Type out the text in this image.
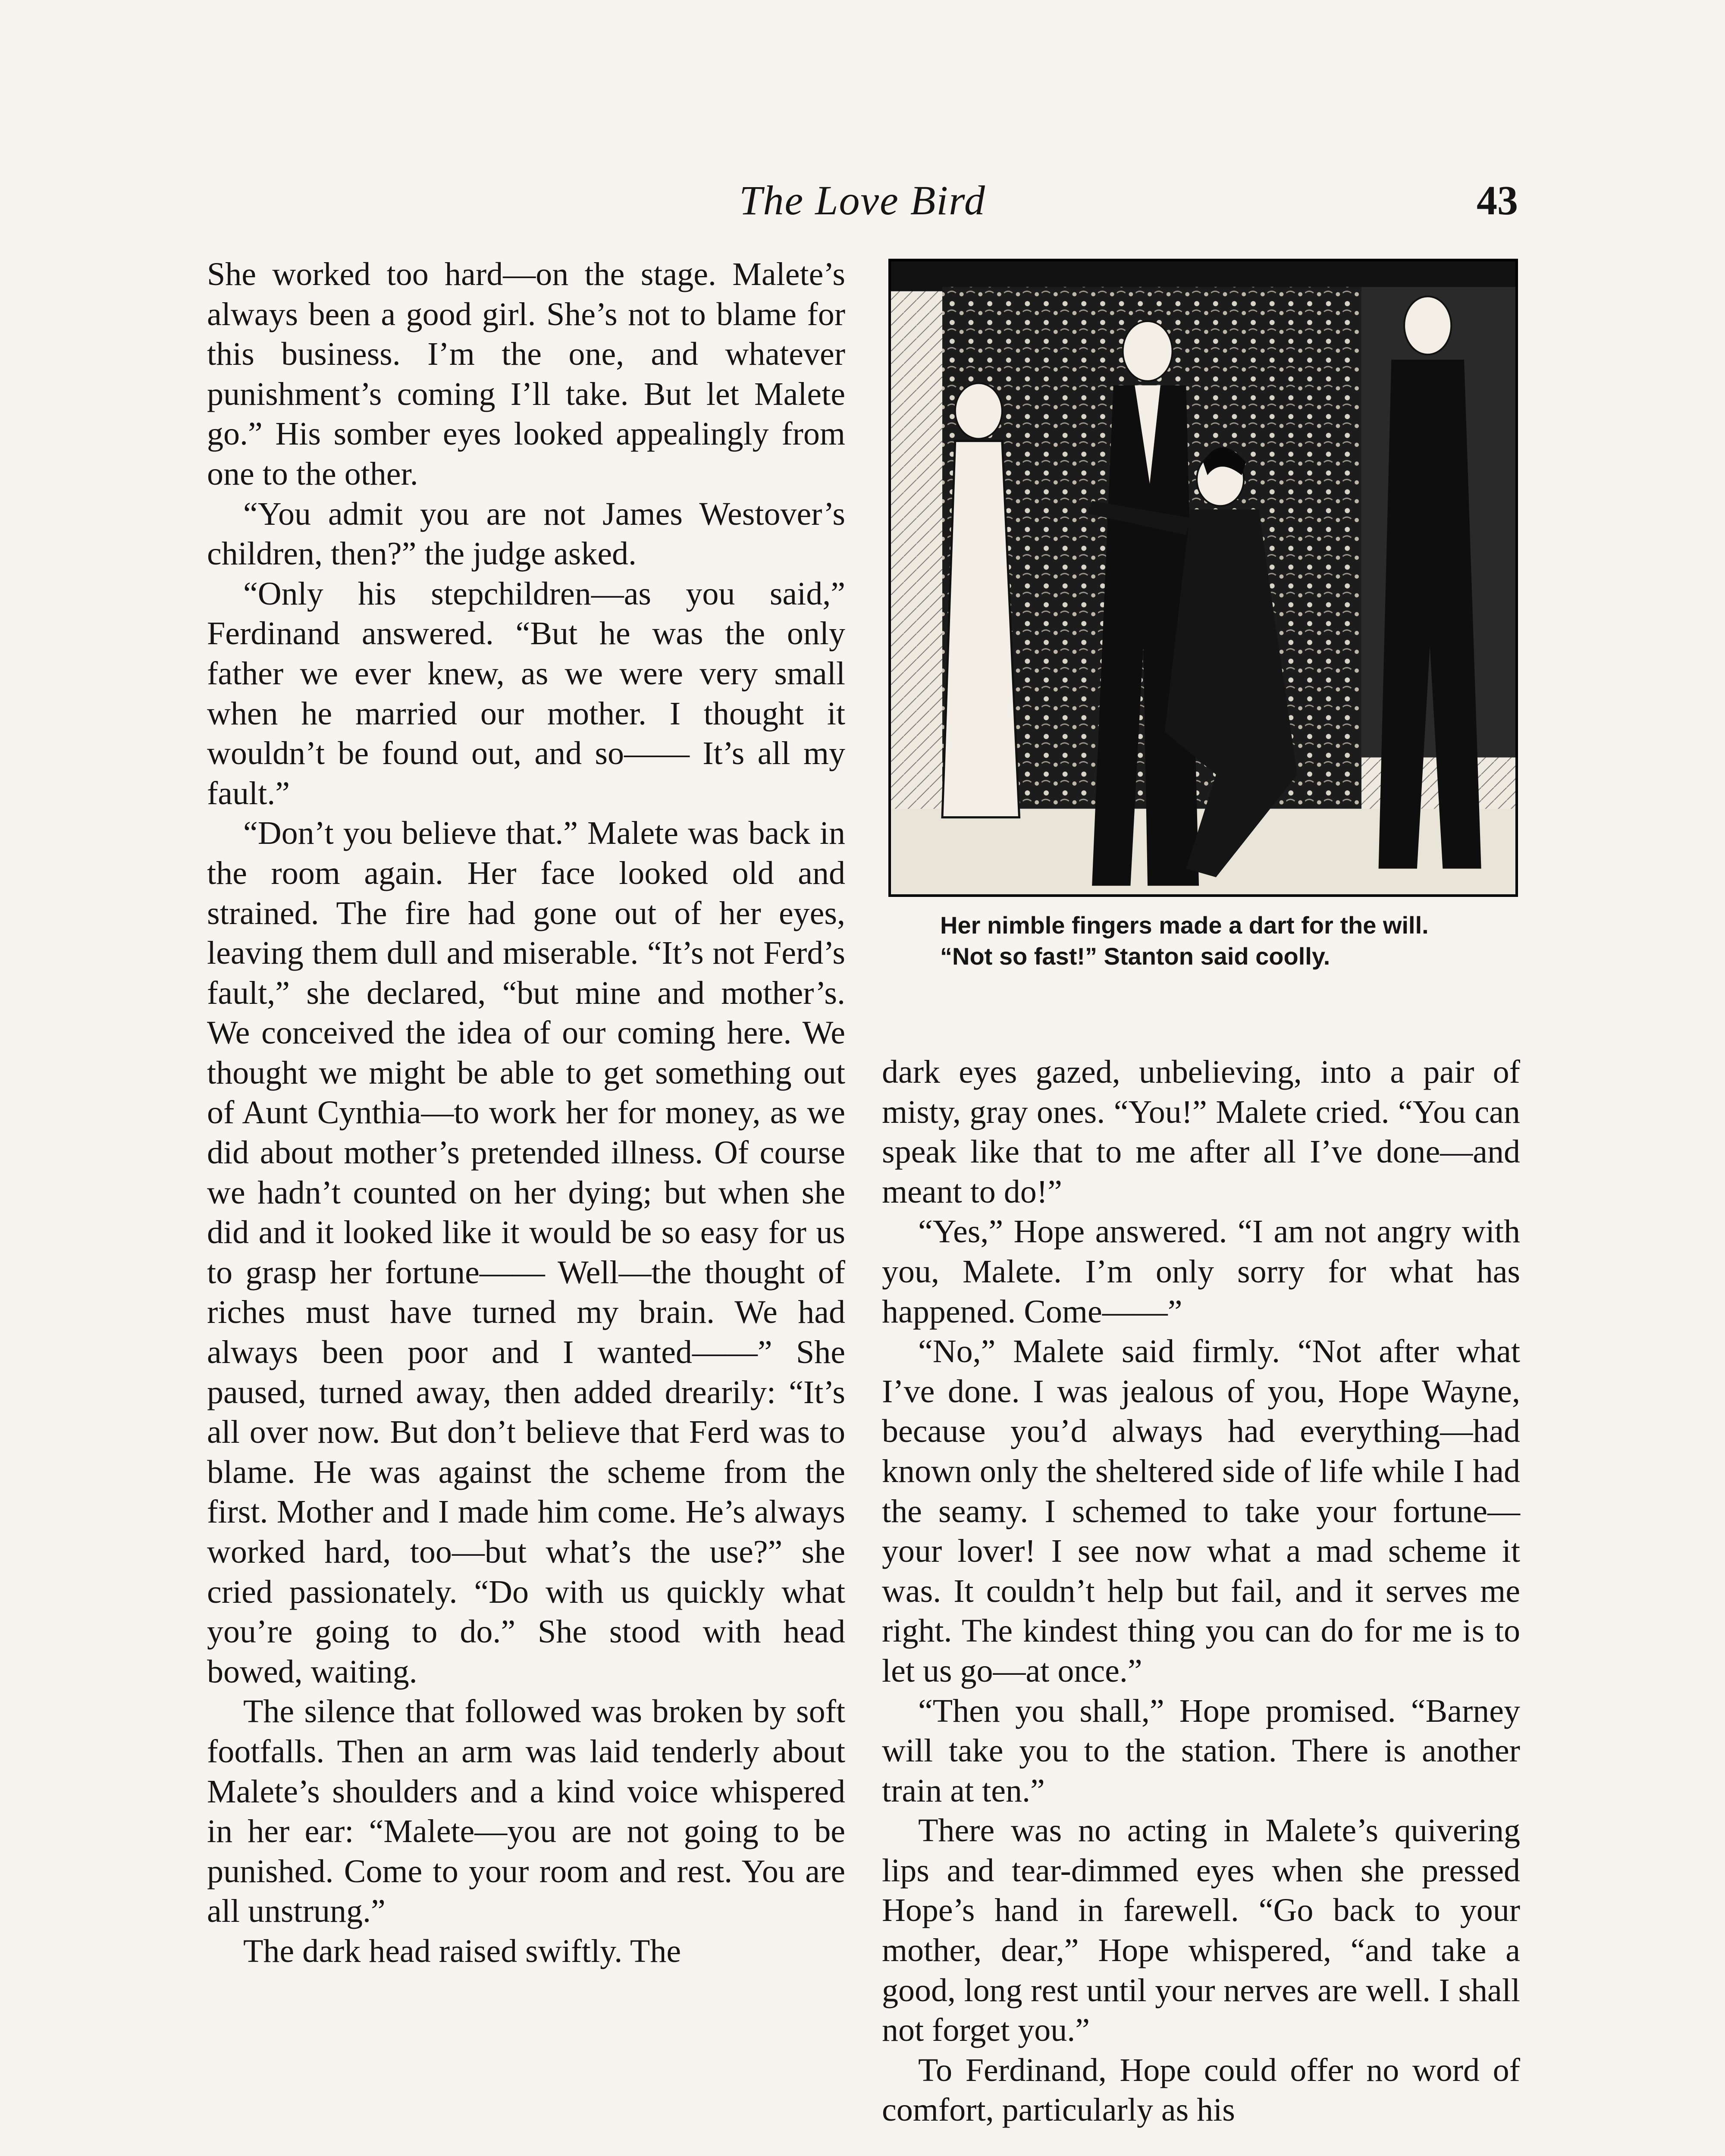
The Love Bird	43

She worked too hard—on the stage. Malete’s always been a good girl. She’s not to blame for this business. I’m the one, and whatever punishment’s coming I’ll take. But let Malete go.” His somber eyes looked appealingly from one to the other.

“You admit you are not James Westover’s children, then?” the judge asked.

“Only his stepchildren—as you said,” Ferdinand answered. “But he was the only father we ever knew, as we were very small when he married our mother. I thought it wouldn’t be found out, and so—— It’s all my fault.”

“Don’t you believe that.” Malete was back in the room again. Her face looked old and strained. The fire had gone out of her eyes, leaving them dull and miserable. “It’s not Ferd’s fault,” she declared, “but mine and mother’s. We conceived the idea of our coming here. We thought we might be able to get something out of Aunt Cynthia—to work her for money, as we did about mother’s pretended illness. Of course we hadn’t counted on her dying; but when she did and it looked like it would be so easy for us to grasp her fortune—— Well—the thought of riches must have turned my brain. We had always been poor and I wanted——” She paused, turned away, then added drearily: “It’s all over now. But don’t believe that Ferd was to blame. He was against the scheme from the first. Mother and I made him come. He’s always worked hard, too—but what’s the use?” she cried passionately. “Do with us quickly what you’re going to do.” She stood with head bowed, waiting.

The silence that followed was broken by soft footfalls. Then an arm was laid tenderly about Malete’s shoulders and a kind voice whispered in her ear: “Malete—you are not going to be punished. Come to your room and rest. You are all unstrung.”

The dark head raised swiftly. The

Her nimble fingers made a dart for the will. “Not so fast!” Stanton said coolly.

dark eyes gazed, unbelieving, into a pair of misty, gray ones. “You!” Malete cried. “You can speak like that to me after all I’ve done—and meant to do!”

“Yes,” Hope answered. “I am not angry with you, Malete. I’m only sorry for what has happened. Come——”

“No,” Malete said firmly. “Not after what I’ve done. I was jealous of you, Hope Wayne, because you’d always had everything—had known only the sheltered side of life while I had the seamy. I schemed to take your fortune—your lover! I see now what a mad scheme it was. It couldn’t help but fail, and it serves me right. The kindest thing you can do for me is to let us go—at once.”

“Then you shall,” Hope promised. “Barney will take you to the station. There is another train at ten.”

There was no acting in Malete’s quivering lips and tear-dimmed eyes when she pressed Hope’s hand in farewell. “Go back to your mother, dear,” Hope whispered, “and take a good, long rest until your nerves are well. I shall not forget you.”

To Ferdinand, Hope could offer no word of comfort, particularly as his
